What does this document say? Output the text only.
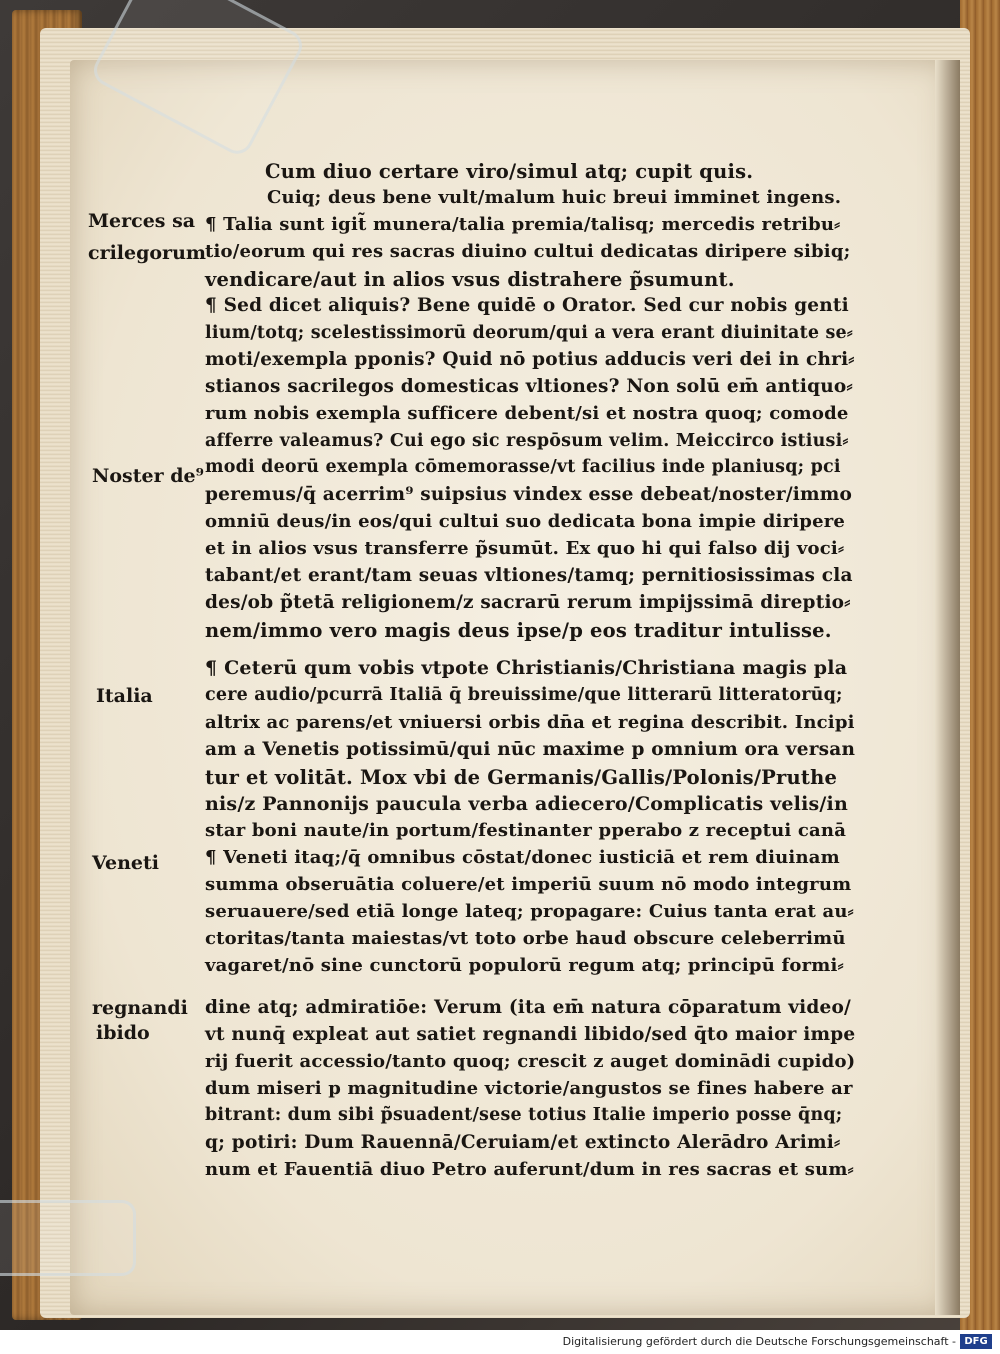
Merces sa
crilegorum
Noster de⁹
Italia
Veneti
regnandi
ibido
Cum diuo certare viro/simul atq; cupit quis.
Cuiq; deus bene vult/malum huic breui imminet ingens.
¶ Talia sunt igit̃ munera/talia premia/talisq; mercedis retribu⸗
tio/eorum qui res sacras diuino cultui dedicatas diripere sibiq;
vendicare/aut in alios vsus distrahere p̃sumunt.
¶ Sed dicet aliquis? Bene quidē o Orator. Sed cur nobis genti
lium/totq; scelestissimorū deorum/qui a vera erant diuinitate se⸗
moti/exempla pponis? Quid nō potius adducis veri dei in chri⸗
stianos sacrilegos domesticas vltiones? Non solū em̄ antiquo⸗
rum nobis exempla sufficere debent/si et nostra quoq; comode
afferre valeamus? Cui ego sic respōsum velim. Meiccirco istiusi⸗
modi deorū exempla cōmemorasse/vt facilius inde planiusq; pci
peremus/q̄ acerrim⁹ suipsius vindex esse debeat/noster/immo
omniū deus/in eos/qui cultui suo dedicata bona impie diripere
et in alios vsus transferre p̃sumūt. Ex quo hi qui falso dij voci⸗
tabant/et erant/tam seuas vltiones/tamq; pernitiosissimas cla
des/ob p̃tetā religionem/z sacrarū rerum impijssimā direptio⸗
nem/immo vero magis deus ipse/p eos traditur intulisse.
¶ Ceterū qum vobis vtpote Christianis/Christiana magis pla
cere audio/pcurrā Italiā q̄ breuissime/que litterarū litteratorūq;
altrix ac parens/et vniuersi orbis dn̄a et regina describit. Incipi
am a Venetis potissimū/qui nūc maxime p omnium ora versan
tur et volitāt. Mox vbi de Germanis/Gallis/Polonis/Pruthe
nis/z Pannonijs paucula verba adiecero/Complicatis velis/in
star boni naute/in portum/festinanter pperabo z receptui canā
¶ Veneti itaq;/q̄ omnibus cōstat/donec iusticiā et rem diuinam
summa obseruātia coluere/et imperiū suum nō modo integrum
seruauere/sed etiā longe lateq; propagare: Cuius tanta erat au⸗
ctoritas/tanta maiestas/vt toto orbe haud obscure celeberrimū
vagaret/nō sine cunctorū populorū regum atq; principū formi⸗
dine atq; admiratiōe: Verum (ita em̄ natura cōparatum video/
vt nunq̄ expleat aut satiet regnandi libido/sed q̄to maior impe
rij fuerit accessio/tanto quoq; crescit z auget dominādi cupido)
dum miseri p magnitudine victorie/angustos se fines habere ar
bitrant: dum sibi p̃suadent/sese totius Italie imperio posse q̄nq;
q; potiri: Dum Rauennā/Ceruiam/et extincto Alerādro Arimi⸗
num et Fauentiā diuo Petro auferunt/dum in res sacras et sum⸗
Digitalisierung gefördert durch die Deutsche Forschungsgemeinschaft - DFG
